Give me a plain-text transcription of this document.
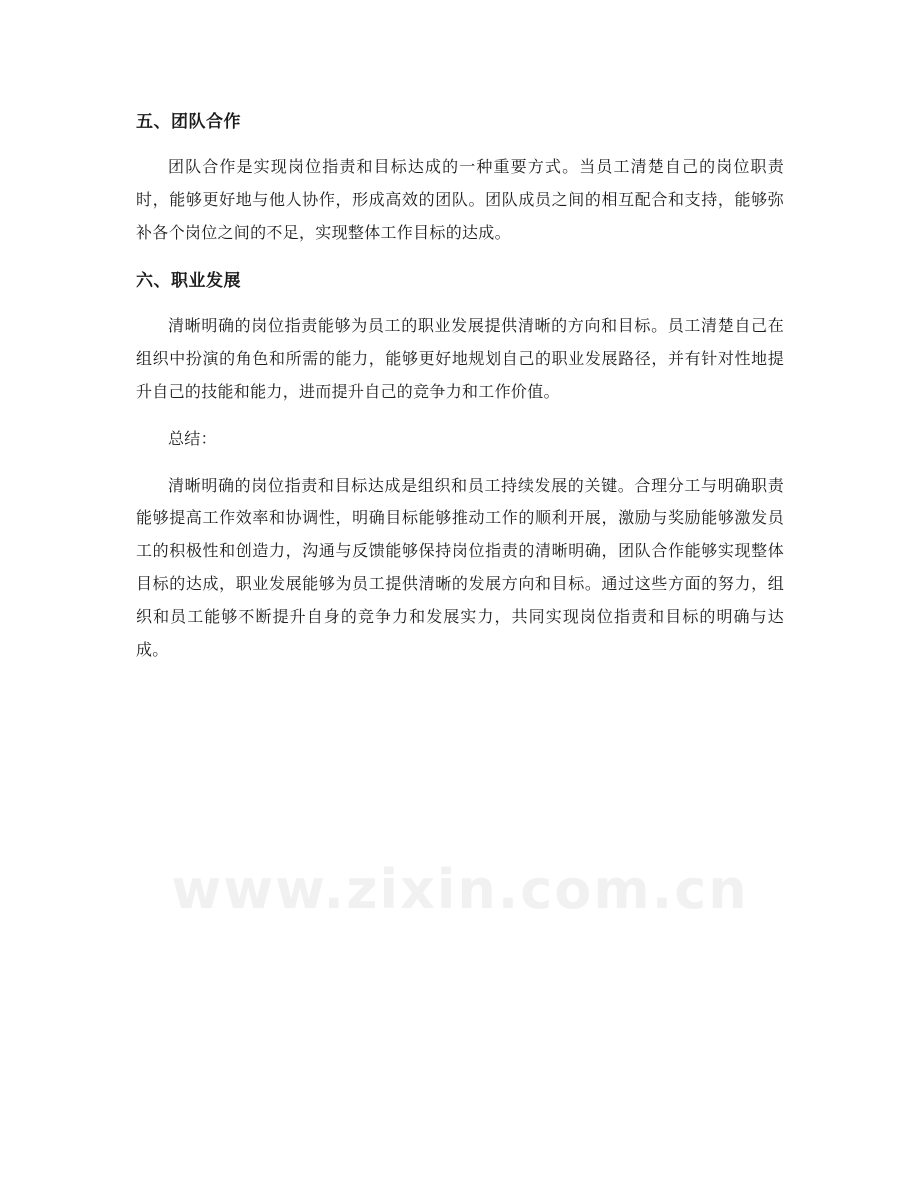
五、团队合作

团队合作是实现岗位指责和目标达成的一种重要方式。当员工清楚自己的岗位职责时，能够更好地与他人协作，形成高效的团队。团队成员之间的相互配合和支持，能够弥补各个岗位之间的不足，实现整体工作目标的达成。

六、职业发展

清晰明确的岗位指责能够为员工的职业发展提供清晰的方向和目标。员工清楚自己在组织中扮演的角色和所需的能力，能够更好地规划自己的职业发展路径，并有针对性地提升自己的技能和能力，进而提升自己的竞争力和工作价值。

总结：

清晰明确的岗位指责和目标达成是组织和员工持续发展的关键。合理分工与明确职责能够提高工作效率和协调性，明确目标能够推动工作的顺利开展，激励与奖励能够激发员工的积极性和创造力，沟通与反馈能够保持岗位指责的清晰明确，团队合作能够实现整体目标的达成，职业发展能够为员工提供清晰的发展方向和目标。通过这些方面的努力，组织和员工能够不断提升自身的竞争力和发展实力，共同实现岗位指责和目标的明确与达成。

www.zixin.com.cn
